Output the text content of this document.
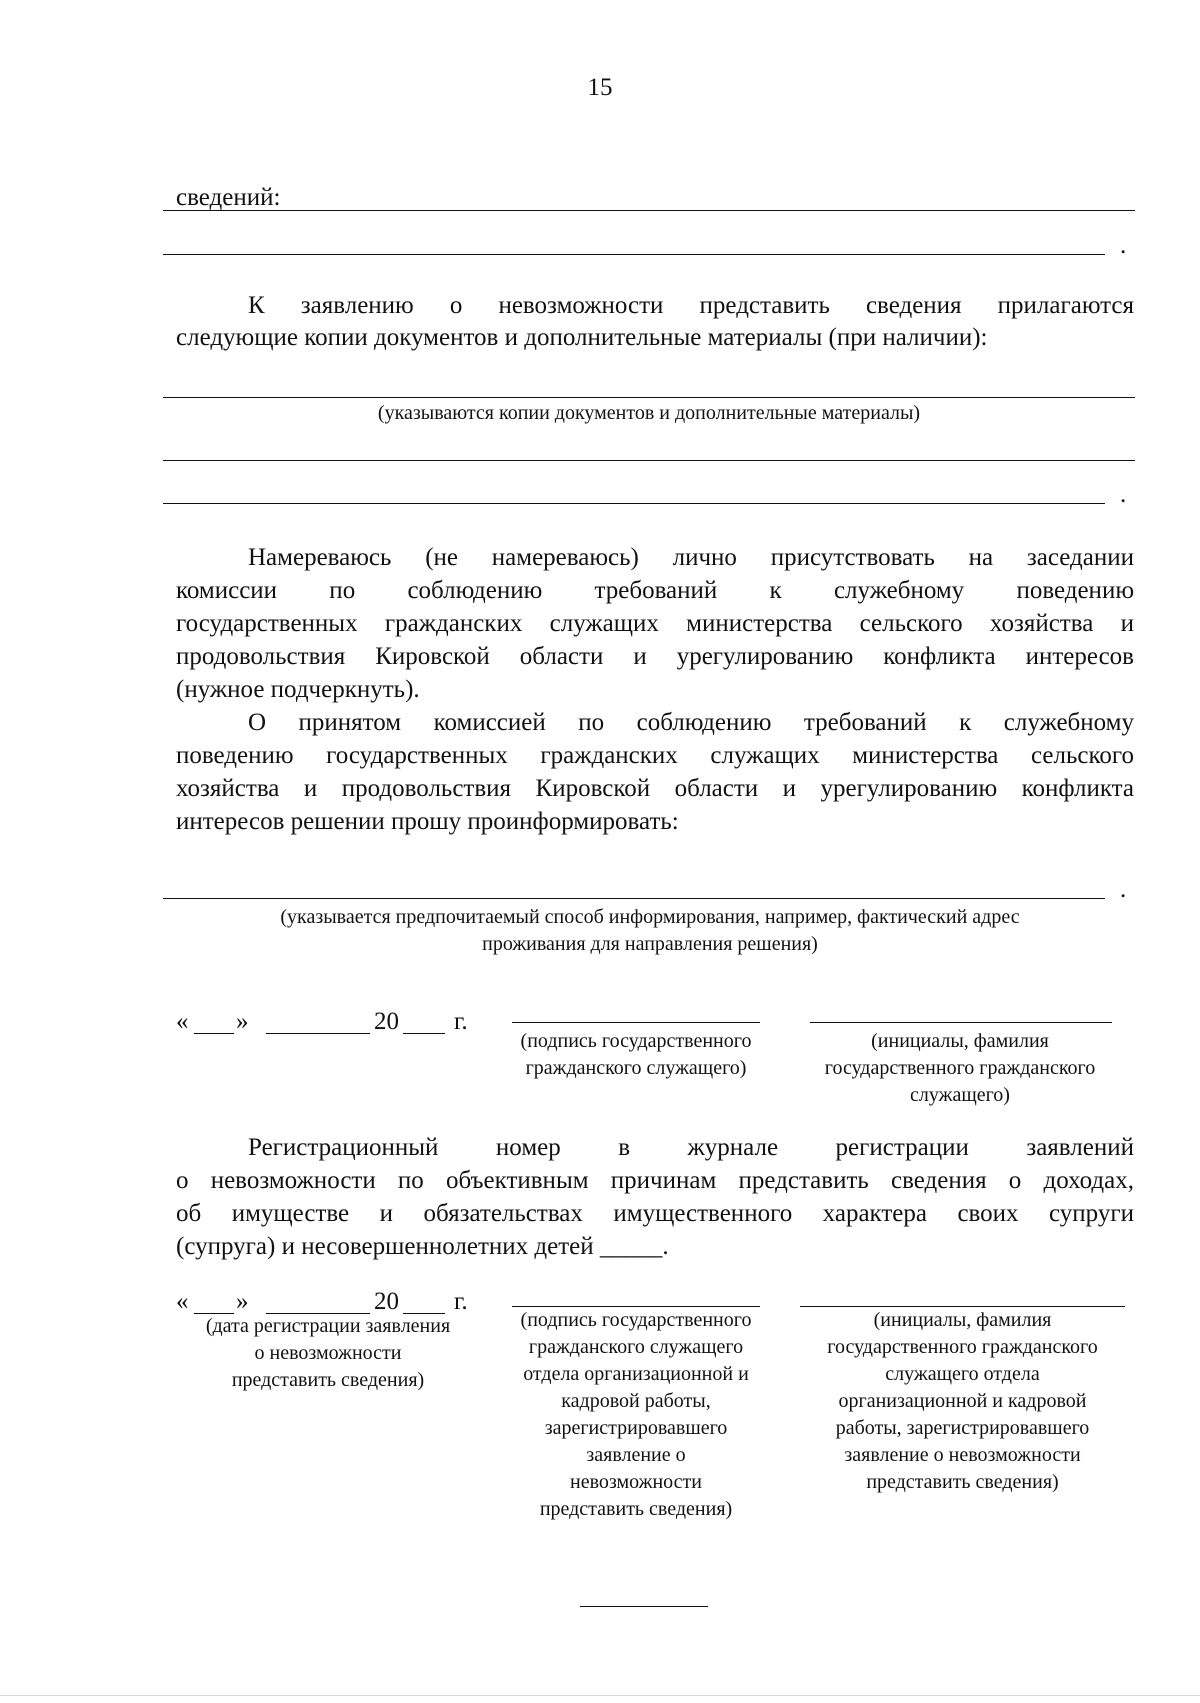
15
сведений:
.
К заявлению о невозможности представить сведения прилагаются
следующие копии документов и дополнительные материалы (при наличии):
(указываются копии документов и дополнительные материалы)
.
Намереваюсь (не намереваюсь) лично присутствовать на заседании
комиссии по соблюдению требований к служебному поведению
государственных гражданских служащих министерства сельского хозяйства и
продовольствия Кировской области и урегулированию конфликта интересов
(нужное подчеркнуть).
О принятом комиссией по соблюдению требований к служебному
поведению государственных гражданских служащих министерства сельского
хозяйства и продовольствия Кировской области и урегулированию конфликта
интересов решении прошу проинформировать:
.
(указывается предпочитаемый способ информирования, например, фактический адрес
проживания для направления решения)
« »	20 г.
(подпись государственного
гражданского служащего)
(инициалы, фамилия
государственного гражданского
служащего)
Регистрационный номер в журнале регистрации заявлений
о невозможности по объективным причинам представить сведения о доходах,
об имуществе и обязательствах имущественного характера своих супруги
(супруга) и несовершеннолетних детей _____.
« »	20 г.
(дата регистрации заявления
о невозможности
представить сведения)
(подпись государственного
гражданского служащего
отдела организационной и
кадровой работы,
зарегистрировавшего
заявление о
невозможности
представить сведения)
(инициалы, фамилия
государственного гражданского
служащего отдела
организационной и кадровой
работы, зарегистрировавшего
заявление о невозможности
представить сведения)
